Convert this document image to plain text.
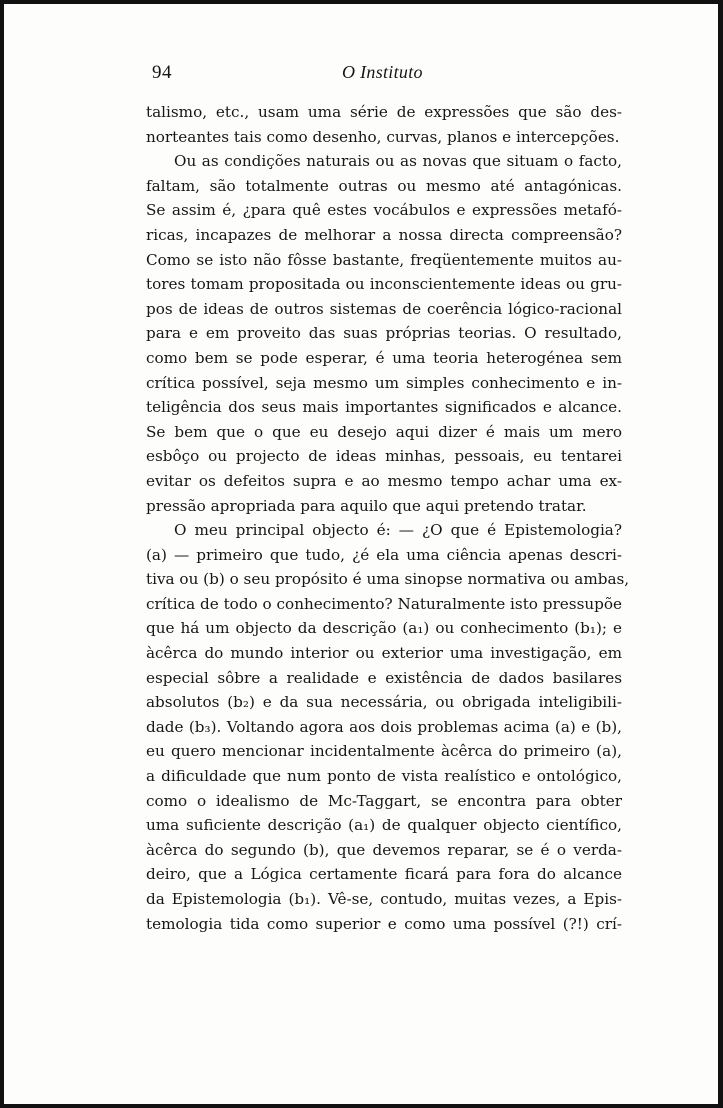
94	O Instituto
talismo, etc., usam uma série de expressões que são des-
norteantes tais como desenho, curvas, planos e intercepções.
Ou as condições naturais ou as novas que situam o facto,
faltam, são totalmente outras ou mesmo até antagónicas.
Se assim é, ¿para quê estes vocábulos e expressões metafó-
ricas, incapazes de melhorar a nossa directa compreensão?
Como se isto não fôsse bastante, freqüentemente muitos au-
tores tomam propositada ou inconscientemente ideas ou gru-
pos de ideas de outros sistemas de coerência lógico-racional
para e em proveito das suas próprias teorias. O resultado,
como bem se pode esperar, é uma teoria heterogénea sem
crítica possível, seja mesmo um simples conhecimento e in-
teligência dos seus mais importantes significados e alcance.
Se bem que o que eu desejo aqui dizer é mais um mero
esbôço ou projecto de ideas minhas, pessoais, eu tentarei
evitar os defeitos supra e ao mesmo tempo achar uma ex-
pressão apropriada para aquilo que aqui pretendo tratar.
O meu principal objecto é: — ¿O que é Epistemologia?
(a) — primeiro que tudo, ¿é ela uma ciência apenas descri-
tiva ou (b) o seu propósito é uma sinopse normativa ou ambas,
crítica de todo o conhecimento? Naturalmente isto pressupõe
que há um objecto da descrição (a₁) ou conhecimento (b₁); e
àcêrca do mundo interior ou exterior uma investigação, em
especial sôbre a realidade e existência de dados basilares
absolutos (b₂) e da sua necessária, ou obrigada inteligibili-
dade (b₃). Voltando agora aos dois problemas acima (a) e (b),
eu quero mencionar incidentalmente àcêrca do primeiro (a),
a dificuldade que num ponto de vista realístico e ontológico,
como o idealismo de Mc-Taggart, se encontra para obter
uma suficiente descrição (a₁) de qualquer objecto científico,
àcêrca do segundo (b), que devemos reparar, se é o verda-
deiro, que a Lógica certamente ficará para fora do alcance
da Epistemologia (b₁). Vê-se, contudo, muitas vezes, a Epis-
temologia tida como superior e como uma possível (?!) crí-
